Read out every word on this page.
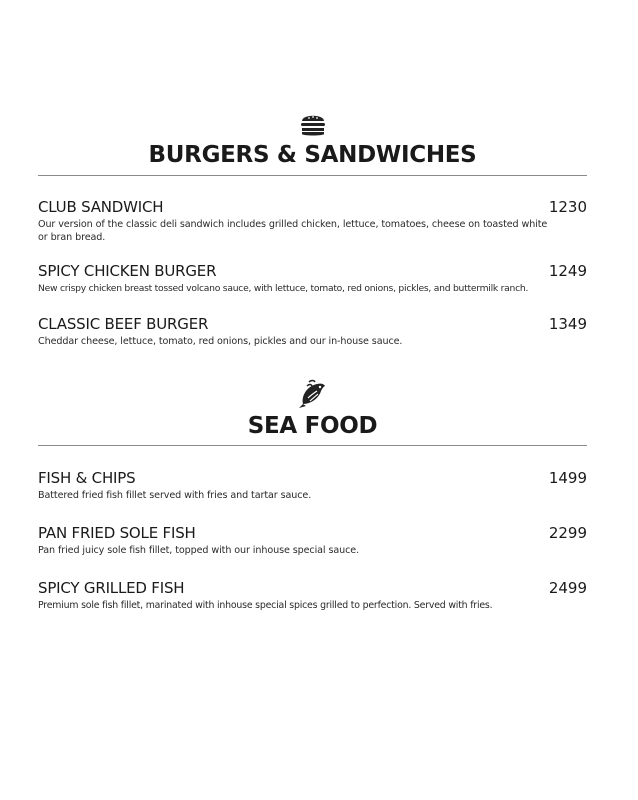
BURGERS & SANDWICHES
CLUB SANDWICH	1230
Our version of the classic deli sandwich includes grilled chicken, lettuce, tomatoes, cheese on toasted white or bran bread.
SPICY CHICKEN BURGER	1249
New crispy chicken breast tossed volcano sauce, with lettuce, tomato, red onions, pickles, and buttermilk ranch.
CLASSIC BEEF BURGER	1349
Cheddar cheese, lettuce, tomato, red onions, pickles and our in-house sauce.
SEA FOOD
FISH & CHIPS	1499
Battered fried fish fillet served with fries and tartar sauce.
PAN FRIED SOLE FISH	2299
Pan fried juicy sole fish fillet, topped with our inhouse special sauce.
SPICY GRILLED FISH	2499
Premium sole fish fillet, marinated with inhouse special spices grilled to perfection. Served with fries.
